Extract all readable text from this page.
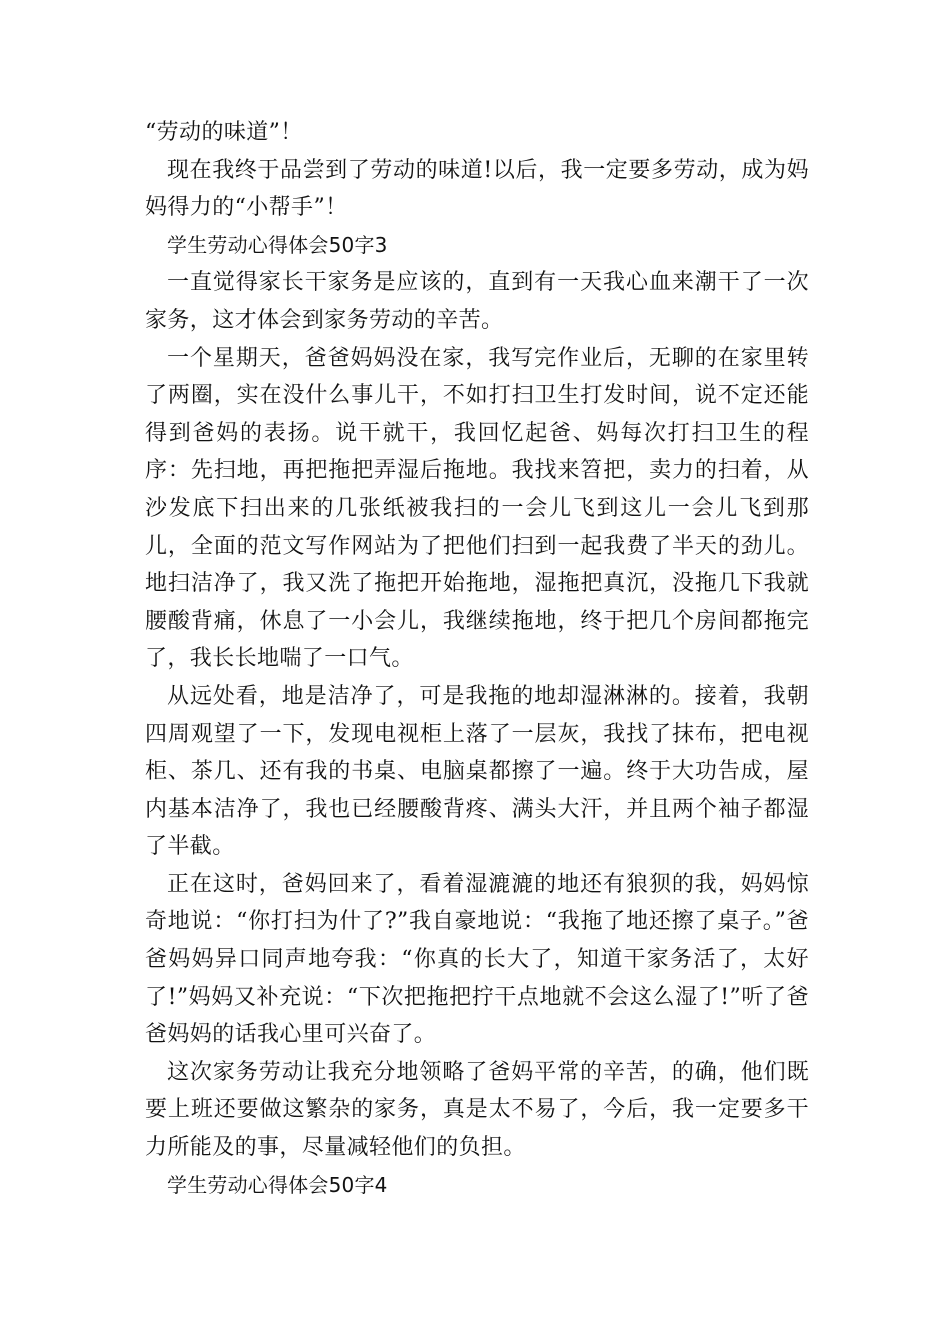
“劳动的味道”！

现在我终于品尝到了劳动的味道!以后，我一定要多劳动，成为妈妈得力的“小帮手”！

学生劳动心得体会50字3

一直觉得家长干家务是应该的，直到有一天我心血来潮干了一次家务，这才体会到家务劳动的辛苦。

一个星期天，爸爸妈妈没在家，我写完作业后，无聊的在家里转了两圈，实在没什么事儿干，不如打扫卫生打发时间，说不定还能得到爸妈的表扬。说干就干，我回忆起爸、妈每次打扫卫生的程序：先扫地，再把拖把弄湿后拖地。我找来笤把，卖力的扫着，从沙发底下扫出来的几张纸被我扫的一会儿飞到这儿一会儿飞到那儿，全面的范文写作网站为了把他们扫到一起我费了半天的劲儿。地扫洁净了，我又洗了拖把开始拖地，湿拖把真沉，没拖几下我就腰酸背痛，休息了一小会儿，我继续拖地，终于把几个房间都拖完了，我长长地喘了一口气。

从远处看，地是洁净了，可是我拖的地却湿淋淋的。接着，我朝四周观望了一下，发现电视柜上落了一层灰，我找了抹布，把电视柜、茶几、还有我的书桌、电脑桌都擦了一遍。终于大功告成，屋内基本洁净了，我也已经腰酸背疼、满头大汗，并且两个袖子都湿了半截。

正在这时，爸妈回来了，看着湿漉漉的地还有狼狈的我，妈妈惊奇地说：“你打扫为什了?”我自豪地说：“我拖了地还擦了桌子。”爸爸妈妈异口同声地夸我：“你真的长大了，知道干家务活了，太好了!”妈妈又补充说：“下次把拖把拧干点地就不会这么湿了!”听了爸爸妈妈的话我心里可兴奋了。

这次家务劳动让我充分地领略了爸妈平常的辛苦，的确，他们既要上班还要做这繁杂的家务，真是太不易了，今后，我一定要多干力所能及的事，尽量减轻他们的负担。

学生劳动心得体会50字4
